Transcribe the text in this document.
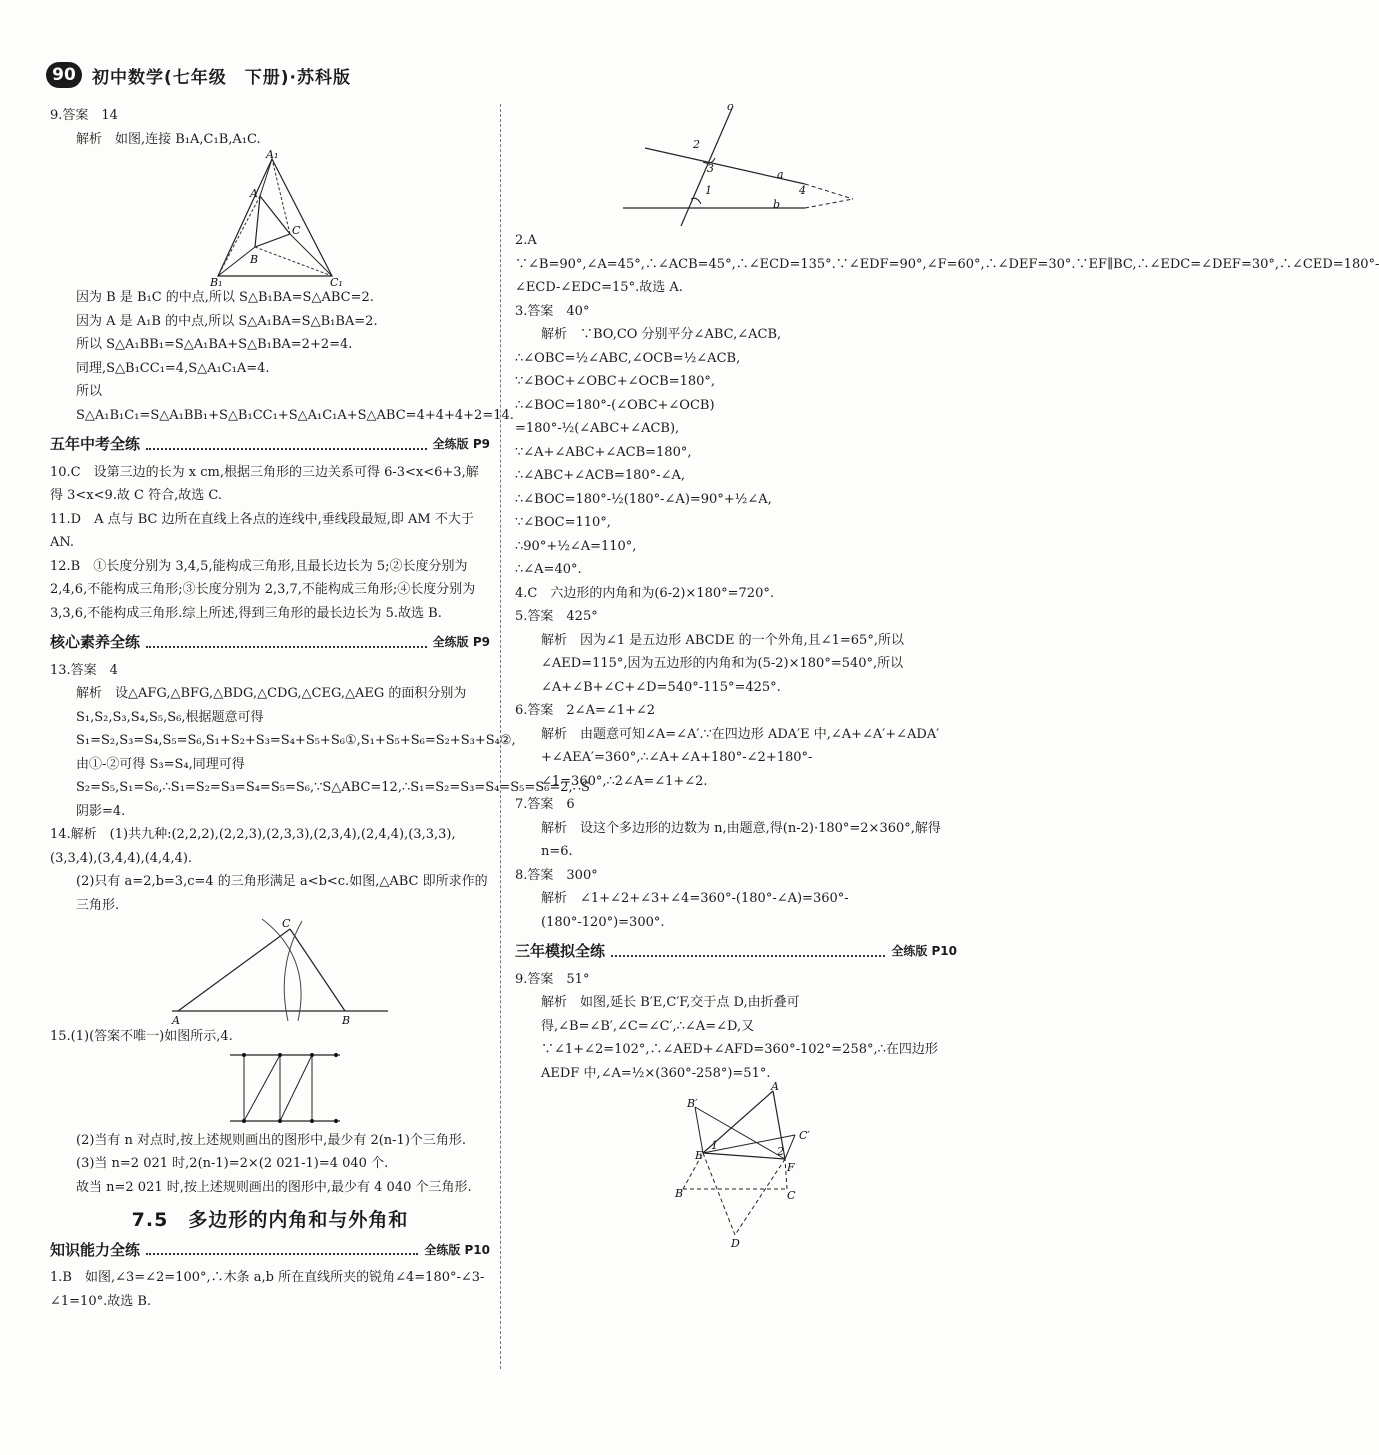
90 初中数学(七年级　下册)·苏科版

9.答案　14

解析　如图,连接 B₁A,C₁B,A₁C.

A₁
A
B
C
B₁	C₁

因为 B 是 B₁C 的中点,所以 S△B₁BA=S△ABC=2.

因为 A 是 A₁B 的中点,所以 S△A₁BA=S△B₁BA=2.

所以 S△A₁BB₁=S△A₁BA+S△B₁BA=2+2=4.

同理,S△B₁CC₁=4,S△A₁C₁A=4.

所以 S△A₁B₁C₁=S△A₁BB₁+S△B₁CC₁+S△A₁C₁A+S△ABC=4+4+4+2=14.

五年中考全练	全练版 P9

10.C　设第三边的长为 x cm,根据三角形的三边关系可得 6-3<x<6+3,解得 3<x<9.故 C 符合,故选 C.

11.D　A 点与 BC 边所在直线上各点的连线中,垂线段最短,即 AM 不大于 AN.

12.B　①长度分别为 3,4,5,能构成三角形,且最长边长为 5;②长度分别为 2,4,6,不能构成三角形;③长度分别为 2,3,7,不能构成三角形;④长度分别为 3,3,6,不能构成三角形.综上所述,得到三角形的最长边长为 5.故选 B.

核心素养全练	全练版 P9

13.答案　4

解析　设△AFG,△BFG,△BDG,△CDG,△CEG,△AEG 的面积分别为 S₁,S₂,S₃,S₄,S₅,S₆,根据题意可得 S₁=S₂,S₃=S₄,S₅=S₆,S₁+S₂+S₃=S₄+S₅+S₆①,S₁+S₅+S₆=S₂+S₃+S₄②,由①-②可得 S₃=S₄,同理可得 S₂=S₅,S₁=S₆,∴S₁=S₂=S₃=S₄=S₅=S₆,∵S△ABC=12,∴S₁=S₂=S₃=S₄=S₅=S₆=2,∴S阴影=4.

14.解析　(1)共九种:(2,2,2),(2,2,3),(2,3,3),(2,3,4),(2,4,4),(3,3,3),(3,3,4),(3,4,4),(4,4,4).

(2)只有 a=2,b=3,c=4 的三角形满足 a<b<c.如图,△ABC 即所求作的三角形.

A	B
C

15.(1)(答案不唯一)如图所示,4.

(2)当有 n 对点时,按上述规则画出的图形中,最少有 2(n-1)个三角形.

(3)当 n=2 021 时,2(n-1)=2×(2 021-1)=4 040 个.

故当 n=2 021 时,按上述规则画出的图形中,最少有 4 040 个三角形.

7.5　多边形的内角和与外角和
知识能力全练	全练版 P10

1.B　如图,∠3=∠2=100°,∴木条 a,b 所在直线所夹的锐角∠4=180°-∠3-∠1=10°.故选 B.

c
a
b
1
2
3
4

2.A　∵∠B=90°,∠A=45°,∴∠ACB=45°,∴∠ECD=135°.∵∠EDF=90°,∠F=60°,∴∠DEF=30°.∵EF∥BC,∴∠EDC=∠DEF=30°,∴∠CED=180°-∠ECD-∠EDC=15°.故选 A.

3.答案　40°

解析　∵BO,CO 分别平分∠ABC,∠ACB,

∴∠OBC=½∠ABC,∠OCB=½∠ACB,

∵∠BOC+∠OBC+∠OCB=180°,

∴∠BOC=180°-(∠OBC+∠OCB)

=180°-½(∠ABC+∠ACB),

∵∠A+∠ABC+∠ACB=180°,

∴∠ABC+∠ACB=180°-∠A,

∴∠BOC=180°-½(180°-∠A)=90°+½∠A,

∵∠BOC=110°,

∴90°+½∠A=110°,

∴∠A=40°.

4.C　六边形的内角和为(6-2)×180°=720°.

5.答案　425°

解析　因为∠1 是五边形 ABCDE 的一个外角,且∠1=65°,所以∠AED=115°,因为五边形的内角和为(5-2)×180°=540°,所以∠A+∠B+∠C+∠D=540°-115°=425°.

6.答案　2∠A=∠1+∠2

解析　由题意可知∠A=∠A′.∵在四边形 ADA′E 中,∠A+∠A′+∠ADA′+∠AEA′=360°,∴∠A+∠A+180°-∠2+180°-∠1=360°,∴2∠A=∠1+∠2.

7.答案　6

解析　设这个多边形的边数为 n,由题意,得(n-2)·180°=2×360°,解得 n=6.

8.答案　300°

解析　∠1+∠2+∠3+∠4=360°-(180°-∠A)=360°-(180°-120°)=300°.

三年模拟全练	全练版 P10

9.答案　51°

解析　如图,延长 B′E,C′F,交于点 D,由折叠可得,∠B=∠B′,∠C=∠C′,∴∠A=∠D,又∵∠1+∠2=102°,∴∠AED+∠AFD=360°-102°=258°,∴在四边形 AEDF 中,∠A=½×(360°-258°)=51°.

A
B′
C′
E
F
B	C
D
1	2
